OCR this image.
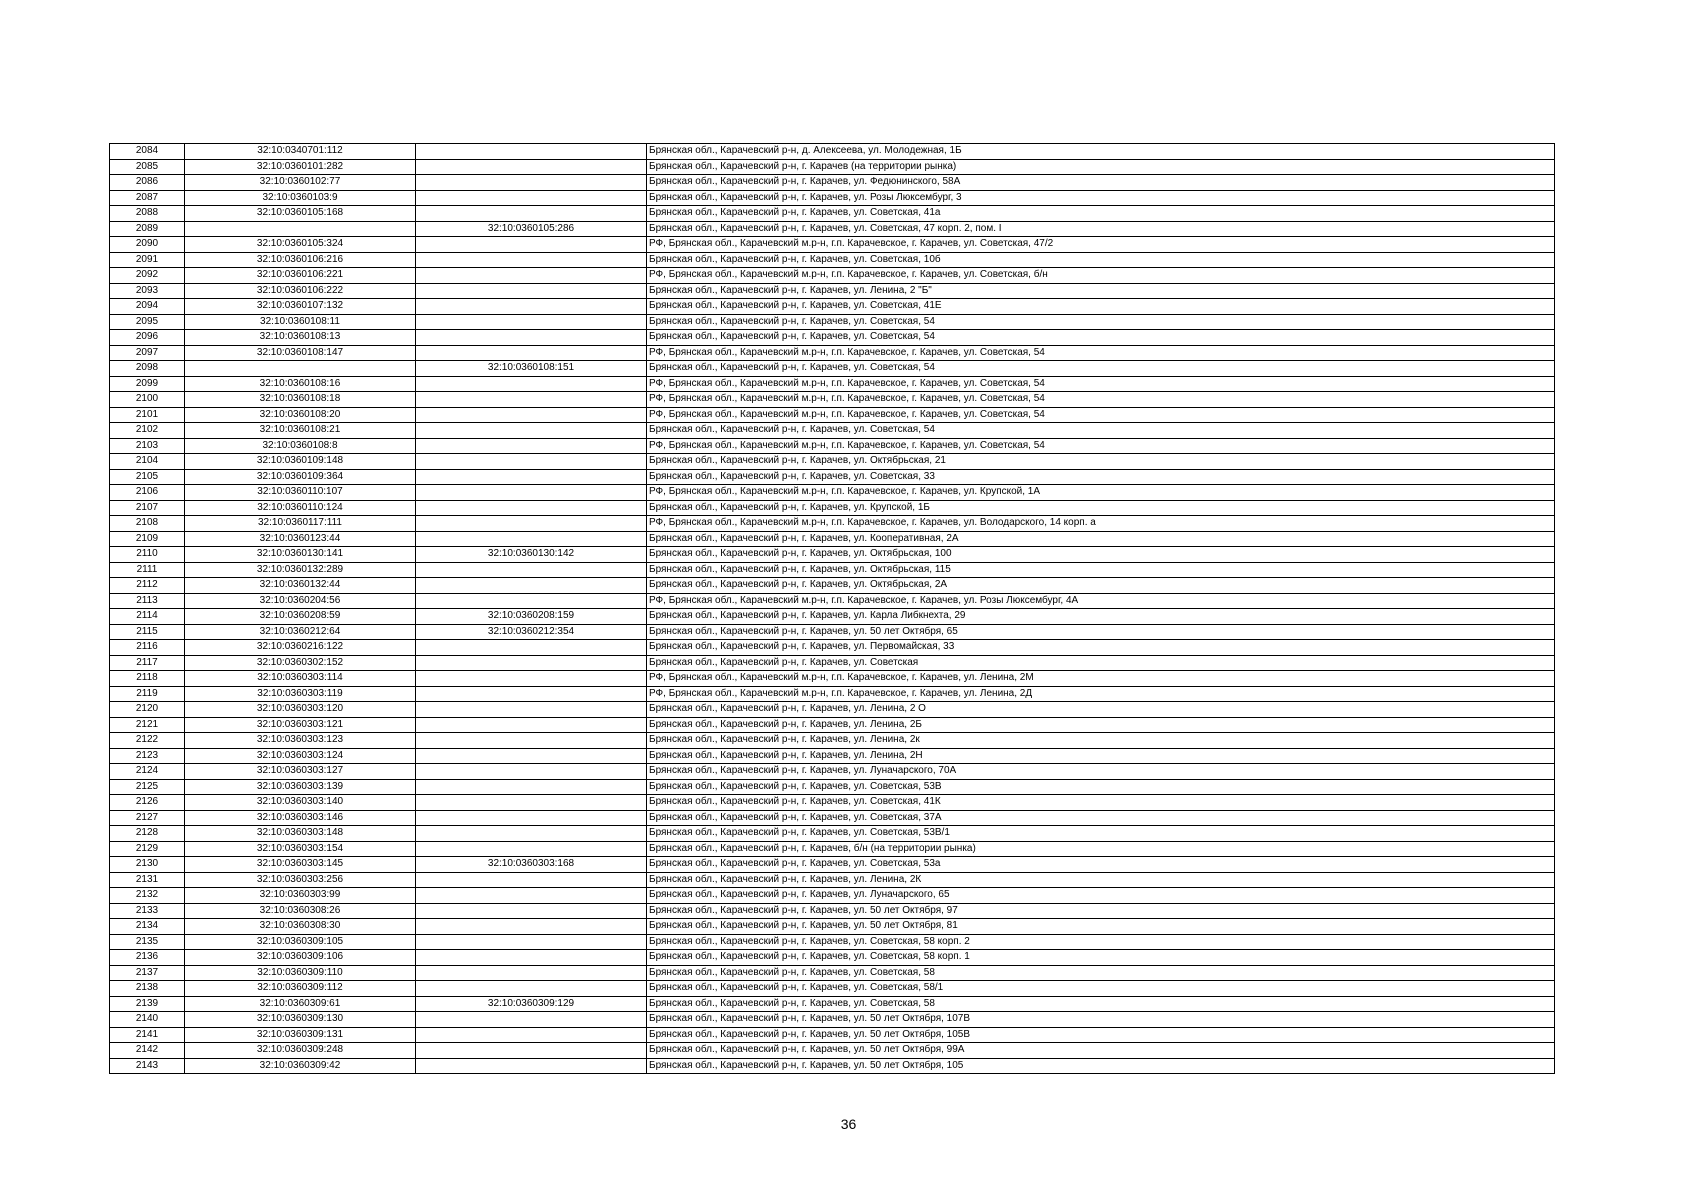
2084	32:10:0340701:112		Брянская обл., Карачевский р-н, д. Алексеева, ул. Молодежная, 1Б
2085	32:10:0360101:282		Брянская обл., Карачевский р-н, г. Карачев (на территории рынка)
2086	32:10:0360102:77		Брянская обл., Карачевский р-н, г. Карачев, ул. Федюнинского, 58А
2087	32:10:0360103:9		Брянская обл., Карачевский р-н, г. Карачев, ул. Розы Люксембург, 3
2088	32:10:0360105:168		Брянская обл., Карачевский р-н, г. Карачев, ул. Советская, 41а
2089		32:10:0360105:286	Брянская обл., Карачевский р-н, г. Карачев, ул. Советская, 47 корп. 2, пом. I
2090	32:10:0360105:324		РФ, Брянская обл., Карачевский м.р-н, г.п. Карачевское, г. Карачев, ул. Советская, 47/2
2091	32:10:0360106:216		Брянская обл., Карачевский р-н, г. Карачев, ул. Советская, 10б
2092	32:10:0360106:221		РФ, Брянская обл., Карачевский м.р-н, г.п. Карачевское, г. Карачев, ул. Советская, б/н
2093	32:10:0360106:222		Брянская обл., Карачевский р-н, г. Карачев, ул. Ленина, 2 "Б"
2094	32:10:0360107:132		Брянская обл., Карачевский р-н, г. Карачев, ул. Советская, 41Е
2095	32:10:0360108:11		Брянская обл., Карачевский р-н, г. Карачев, ул. Советская, 54
2096	32:10:0360108:13		Брянская обл., Карачевский р-н, г. Карачев, ул. Советская, 54
2097	32:10:0360108:147		РФ, Брянская обл., Карачевский м.р-н, г.п. Карачевское, г. Карачев, ул. Советская, 54
2098		32:10:0360108:151	Брянская обл., Карачевский р-н, г. Карачев, ул. Советская, 54
2099	32:10:0360108:16		РФ, Брянская обл., Карачевский м.р-н, г.п. Карачевское, г. Карачев, ул. Советская, 54
2100	32:10:0360108:18		РФ, Брянская обл., Карачевский м.р-н, г.п. Карачевское, г. Карачев, ул. Советская, 54
2101	32:10:0360108:20		РФ, Брянская обл., Карачевский м.р-н, г.п. Карачевское, г. Карачев, ул. Советская, 54
2102	32:10:0360108:21		Брянская обл., Карачевский р-н, г. Карачев, ул. Советская, 54
2103	32:10:0360108:8		РФ, Брянская обл., Карачевский м.р-н, г.п. Карачевское, г. Карачев, ул. Советская, 54
2104	32:10:0360109:148		Брянская обл., Карачевский р-н, г. Карачев, ул. Октябрьская, 21
2105	32:10:0360109:364		Брянская обл., Карачевский р-н, г. Карачев, ул. Советская, 33
2106	32:10:0360110:107		РФ, Брянская обл., Карачевский м.р-н, г.п. Карачевское, г. Карачев, ул. Крупской, 1А
2107	32:10:0360110:124		Брянская обл., Карачевский р-н, г. Карачев, ул. Крупской, 1Б
2108	32:10:0360117:111		РФ, Брянская обл., Карачевский м.р-н, г.п. Карачевское, г. Карачев, ул. Володарского, 14 корп. а
2109	32:10:0360123:44		Брянская обл., Карачевский р-н, г. Карачев, ул. Кооперативная, 2А
2110	32:10:0360130:141	32:10:0360130:142	Брянская обл., Карачевский р-н, г. Карачев, ул. Октябрьская, 100
2111	32:10:0360132:289		Брянская обл., Карачевский р-н, г. Карачев, ул. Октябрьская, 115
2112	32:10:0360132:44		Брянская обл., Карачевский р-н, г. Карачев, ул. Октябрьская, 2А
2113	32:10:0360204:56		РФ, Брянская обл., Карачевский м.р-н, г.п. Карачевское, г. Карачев, ул. Розы Люксембург, 4А
2114	32:10:0360208:59	32:10:0360208:159	Брянская обл., Карачевский р-н, г. Карачев, ул. Карла Либкнехта, 29
2115	32:10:0360212:64	32:10:0360212:354	Брянская обл., Карачевский р-н, г. Карачев, ул. 50 лет Октября, 65
2116	32:10:0360216:122		Брянская обл., Карачевский р-н, г. Карачев, ул. Первомайская, 33
2117	32:10:0360302:152		Брянская обл., Карачевский р-н, г. Карачев, ул. Советская
2118	32:10:0360303:114		РФ, Брянская обл., Карачевский м.р-н, г.п. Карачевское, г. Карачев, ул. Ленина, 2М
2119	32:10:0360303:119		РФ, Брянская обл., Карачевский м.р-н, г.п. Карачевское, г. Карачев, ул. Ленина, 2Д
2120	32:10:0360303:120		Брянская обл., Карачевский р-н, г. Карачев, ул. Ленина, 2 О
2121	32:10:0360303:121		Брянская обл., Карачевский р-н, г. Карачев, ул. Ленина, 2Б
2122	32:10:0360303:123		Брянская обл., Карачевский р-н, г. Карачев, ул. Ленина, 2к
2123	32:10:0360303:124		Брянская обл., Карачевский р-н, г. Карачев, ул. Ленина, 2Н
2124	32:10:0360303:127		Брянская обл., Карачевский р-н, г. Карачев, ул. Луначарского, 70А
2125	32:10:0360303:139		Брянская обл., Карачевский р-н, г. Карачев, ул. Советская, 53В
2126	32:10:0360303:140		Брянская обл., Карачевский р-н, г. Карачев, ул. Советская, 41К
2127	32:10:0360303:146		Брянская обл., Карачевский р-н, г. Карачев, ул. Советская, 37А
2128	32:10:0360303:148		Брянская обл., Карачевский р-н, г. Карачев, ул. Советская, 53В/1
2129	32:10:0360303:154		Брянская обл., Карачевский р-н, г. Карачев, б/н (на территории рынка)
2130	32:10:0360303:145	32:10:0360303:168	Брянская обл., Карачевский р-н, г. Карачев, ул. Советская, 53а
2131	32:10:0360303:256		Брянская обл., Карачевский р-н, г. Карачев, ул. Ленина, 2К
2132	32:10:0360303:99		Брянская обл., Карачевский р-н, г. Карачев, ул. Луначарского, 65
2133	32:10:0360308:26		Брянская обл., Карачевский р-н, г. Карачев, ул. 50 лет Октября, 97
2134	32:10:0360308:30		Брянская обл., Карачевский р-н, г. Карачев, ул. 50 лет Октября, 81
2135	32:10:0360309:105		Брянская обл., Карачевский р-н, г. Карачев, ул. Советская, 58 корп. 2
2136	32:10:0360309:106		Брянская обл., Карачевский р-н, г. Карачев, ул. Советская, 58 корп. 1
2137	32:10:0360309:110		Брянская обл., Карачевский р-н, г. Карачев, ул. Советская, 58
2138	32:10:0360309:112		Брянская обл., Карачевский р-н, г. Карачев, ул. Советская, 58/1
2139	32:10:0360309:61	32:10:0360309:129	Брянская обл., Карачевский р-н, г. Карачев, ул. Советская, 58
2140	32:10:0360309:130		Брянская обл., Карачевский р-н, г. Карачев, ул. 50 лет Октября, 107В
2141	32:10:0360309:131		Брянская обл., Карачевский р-н, г. Карачев, ул. 50 лет Октября, 105В
2142	32:10:0360309:248		Брянская обл., Карачевский р-н, г. Карачев, ул. 50 лет Октября, 99А
2143	32:10:0360309:42		Брянская обл., Карачевский р-н, г. Карачев, ул. 50 лет Октября, 105
36
